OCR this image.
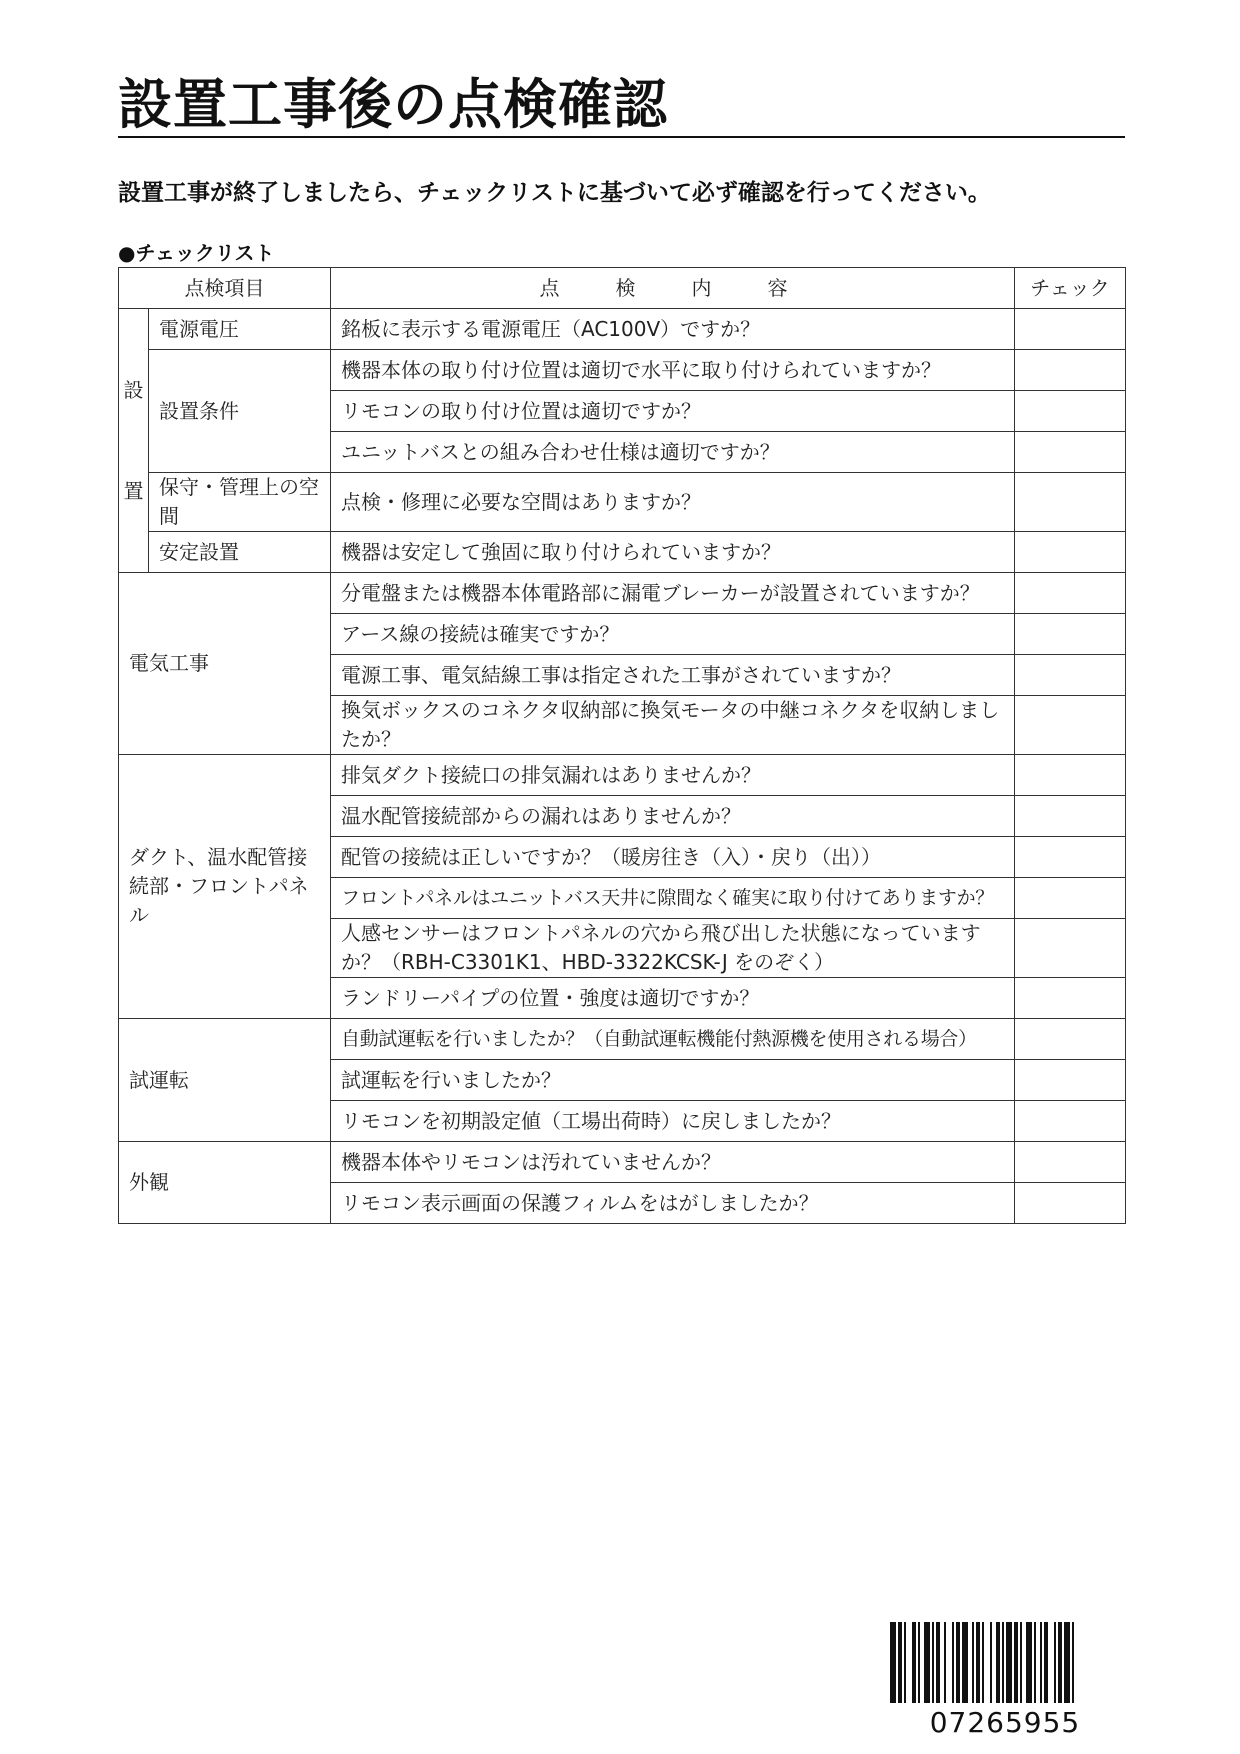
設置工事後の点検確認

設置工事が終了しましたら、チェックリストに基づいて必ず確認を行ってください。

●チェックリスト

点検項目		点　検　内　容	チェック

設
置	電源電圧	銘板に表示する電源電圧（AC100V）ですか？	
	設置条件	機器本体の取り付け位置は適切で水平に取り付けられていますか？	
		リモコンの取り付け位置は適切ですか？	
		ユニットバスとの組み合わせ仕様は適切ですか？	
	保守・管理上の空間	点検・修理に必要な空間はありますか？	
	安定設置	機器は安定して強固に取り付けられていますか？	
電気工事		分電盤または機器本体電路部に漏電ブレーカーが設置されていますか？	
		アース線の接続は確実ですか？	
		電源工事、電気結線工事は指定された工事がされていますか？	
		換気ボックスのコネクタ収納部に換気モータの中継コネクタを収納しましたか？	
ダクト、温水配管接続部・フロントパネル		排気ダクト接続口の排気漏れはありませんか？	
		温水配管接続部からの漏れはありませんか？	
		配管の接続は正しいですか？（暖房往き（入）・戻り（出））	
		フロントパネルはユニットバス天井に隙間なく確実に取り付けてありますか？	
		人感センサーはフロントパネルの穴から飛び出した状態になっていますか？（RBH-C3301K1、HBD-3322KCSK-J をのぞく）	
		ランドリーパイプの位置・強度は適切ですか？	
試運転		自動試運転を行いましたか？（自動試運転機能付熱源機を使用される場合）	
		試運転を行いましたか？	
		リモコンを初期設定値（工場出荷時）に戻しましたか？	
外観		機器本体やリモコンは汚れていませんか？	
		リモコン表示画面の保護フィルムをはがしましたか？	

07265955
